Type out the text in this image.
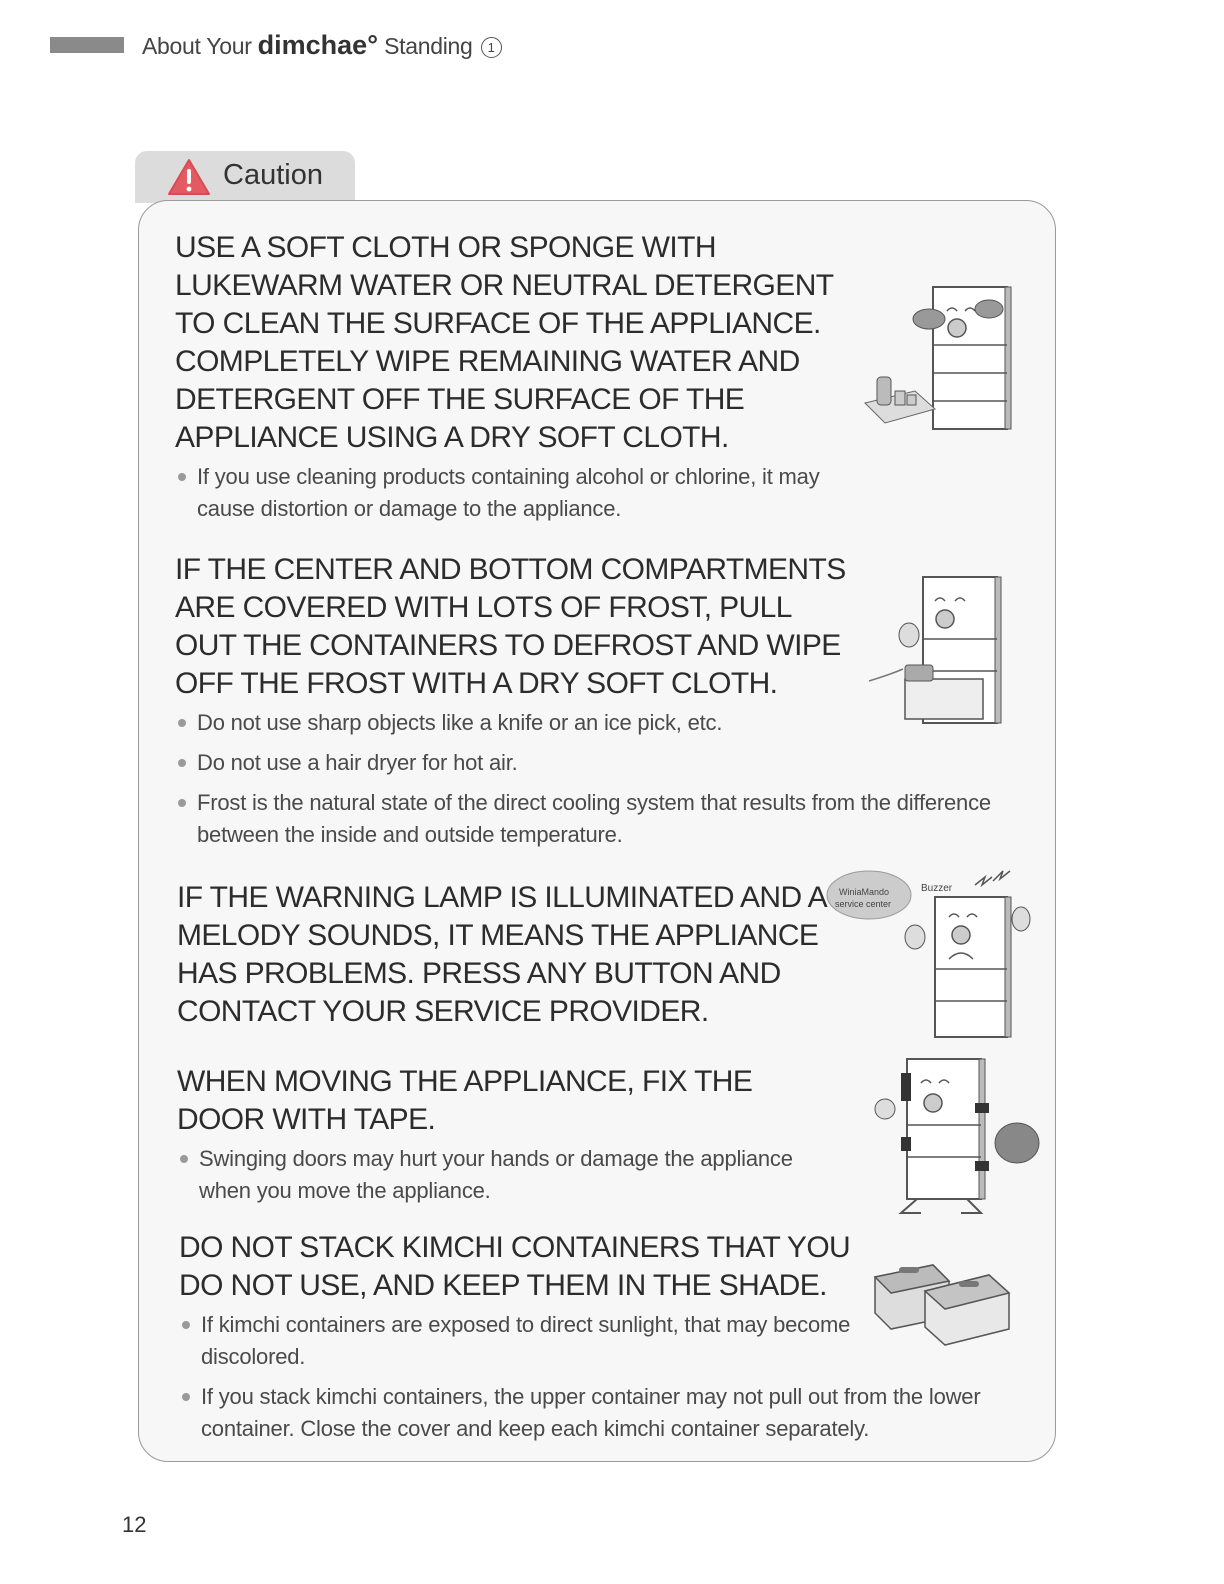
About Your dimchae° Standing 1
Caution
USE A SOFT CLOTH OR SPONGE WITH LUKEWARM WATER OR NEUTRAL DETERGENT TO CLEAN THE SURFACE OF THE APPLIANCE. COMPLETELY WIPE REMAINING WATER AND DETERGENT OFF THE SURFACE OF THE APPLIANCE USING A DRY SOFT CLOTH.
If you use cleaning products containing alcohol or chlorine, it may cause distortion or damage to the appliance.
IF THE CENTER AND BOTTOM COMPARTMENTS ARE COVERED WITH LOTS OF FROST, PULL OUT THE CONTAINERS TO DEFROST AND WIPE OFF THE FROST WITH A DRY SOFT CLOTH.
Do not use sharp objects like a knife or an ice pick, etc.
Do not use a hair dryer for hot air.
Frost is the natural state of the direct cooling system that results from the difference between the inside and outside temperature.
IF THE WARNING LAMP IS ILLUMINATED AND A MELODY SOUNDS, IT MEANS THE APPLIANCE HAS PROBLEMS. PRESS ANY BUTTON AND CONTACT YOUR SERVICE PROVIDER.
WiniaMando
service center
Buzzer
WHEN MOVING THE APPLIANCE, FIX THE DOOR WITH TAPE.
Swinging doors may hurt your hands or damage the appliance when you move the appliance.
DO NOT STACK KIMCHI CONTAINERS THAT YOU DO NOT USE, AND KEEP THEM IN THE SHADE.
If kimchi containers are exposed to direct sunlight, that may become discolored.
If you stack kimchi containers, the upper container may not pull out from the lower container. Close the cover and keep each kimchi container separately.
12
